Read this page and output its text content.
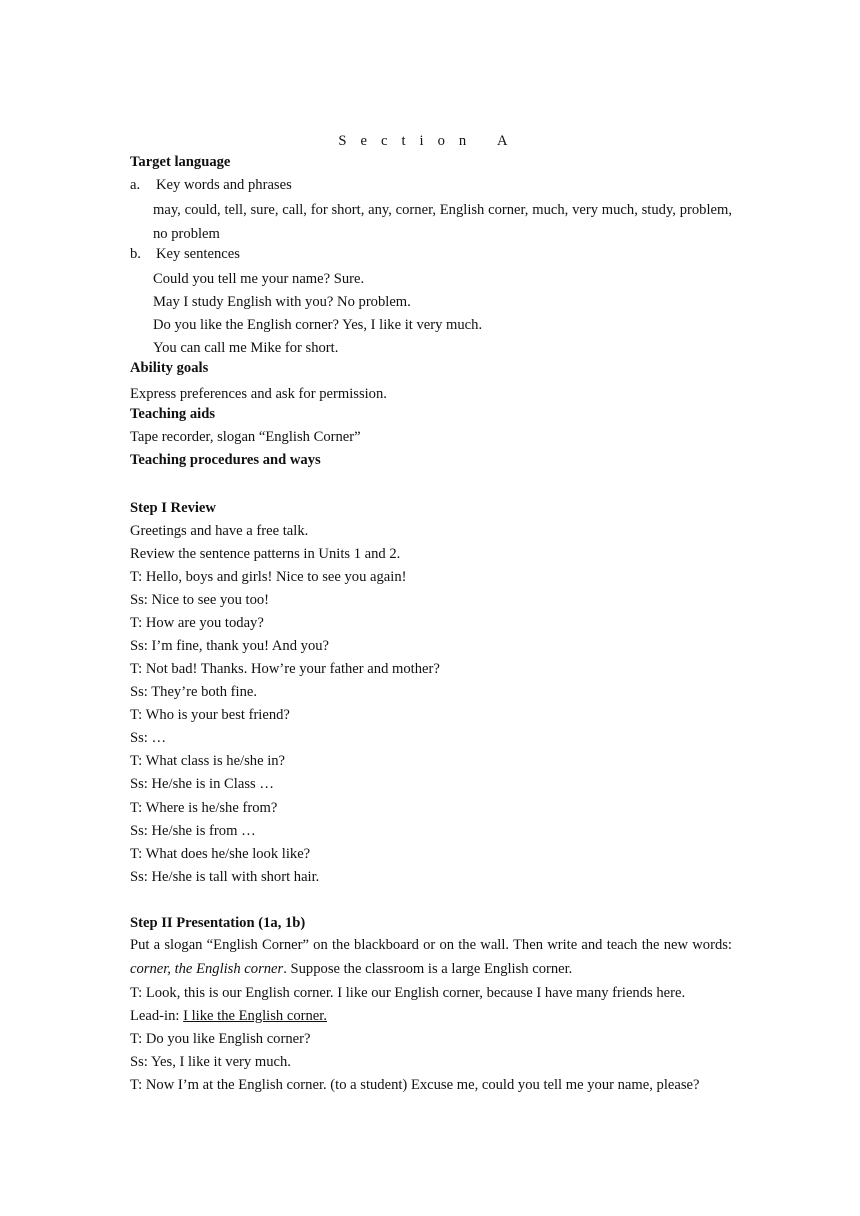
Section A
Target language
a. Key words and phrases
may, could, tell, sure, call, for short, any, corner, English corner, much, very much, study, problem, no problem
b. Key sentences
Could you tell me your name? Sure.
May I study English with you? No problem.
Do you like the English corner? Yes, I like it very much.
You can call me Mike for short.
Ability goals
Express preferences and ask for permission.
Teaching aids
Tape recorder, slogan “English Corner”
Teaching procedures and ways
Step I Review
Greetings and have a free talk.
Review the sentence patterns in Units 1 and 2.
T: Hello, boys and girls! Nice to see you again!
Ss: Nice to see you too!
T: How are you today?
Ss: I’m fine, thank you! And you?
T: Not bad! Thanks. How’re your father and mother?
Ss: They’re both fine.
T: Who is your best friend?
Ss: …
T: What class is he/she in?
Ss: He/she is in Class …
T: Where is he/she from?
Ss: He/she is from …
T: What does he/she look like?
Ss: He/she is tall with short hair.
Step II Presentation (1a, 1b)
Put a slogan “English Corner” on the blackboard or on the wall. Then write and teach the new words: corner, the English corner. Suppose the classroom is a large English corner.
T: Look, this is our English corner. I like our English corner, because I have many friends here.
Lead-in: I like the English corner.
T: Do you like English corner?
Ss: Yes, I like it very much.
T: Now I’m at the English corner. (to a student) Excuse me, could you tell me your name, please?
